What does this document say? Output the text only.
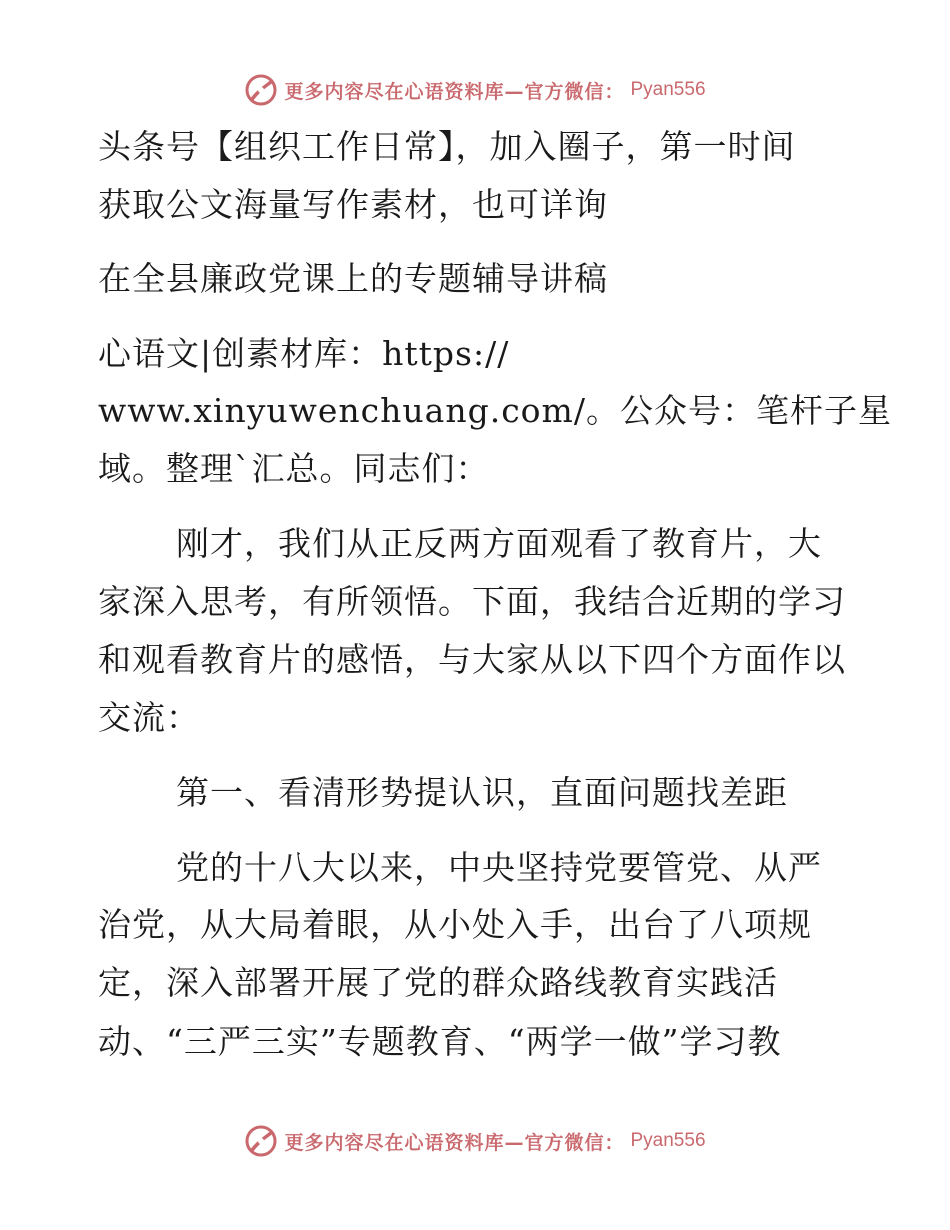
更多内容尽在心语资料库—官方微信： Pyan556

头条号【组织工作日常】，加入圈子，第一时间

获取公文海量写作素材，也可详询

在全县廉政党课上的专题辅导讲稿

心语文|创素材库：https://

www.xinyuwenchuang.com/。公众号：笔杆子星

域。整理`汇总。同志们：

刚才，我们从正反两方面观看了教育片，大

家深入思考，有所领悟。下面，我结合近期的学习

和观看教育片的感悟，与大家从以下四个方面作以

交流：

第一、看清形势提认识，直面问题找差距

党的十八大以来，中央坚持党要管党、从严

治党，从大局着眼，从小处入手，出台了八项规

定，深入部署开展了党的群众路线教育实践活

动、“三严三实”专题教育、“两学一做”学习教

更多内容尽在心语资料库—官方微信： Pyan556
